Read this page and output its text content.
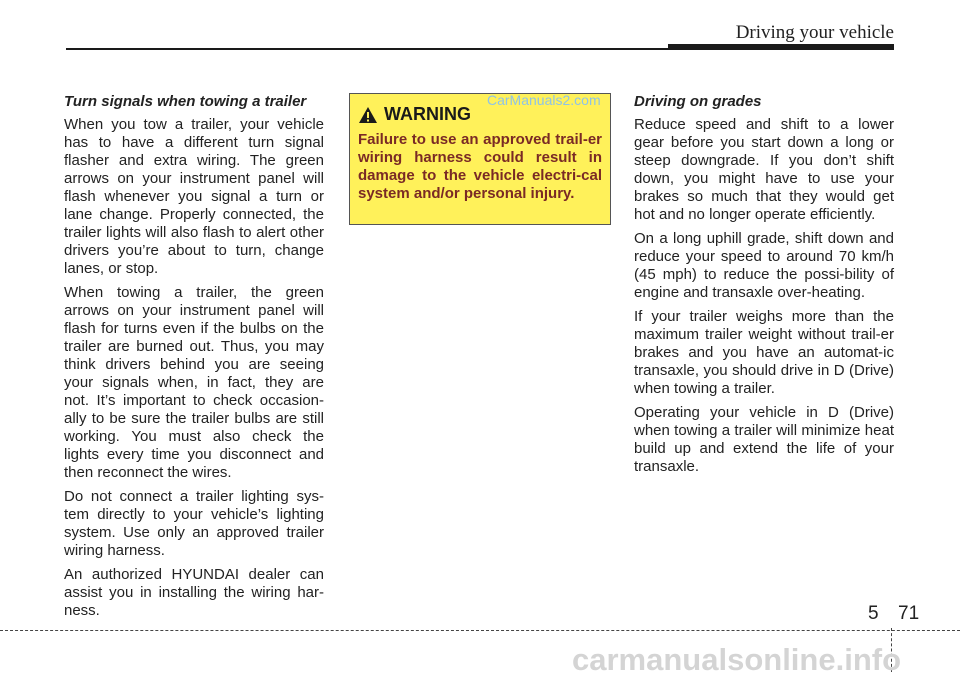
Driving your vehicle
Turn signals when towing a trailer

When you tow a trailer, your vehicle has to have a different turn signal flasher and extra wiring. The green arrows on your instrument panel will flash whenever you signal a turn or lane change. Properly connected, the trailer lights will also flash to alert other drivers you’re about to turn, change lanes, or stop.

When towing a trailer, the green arrows on your instrument panel will flash for turns even if the bulbs on the trailer are burned out. Thus, you may think drivers behind you are seeing your signals when, in fact, they are not. It’s important to check occasion-ally to be sure the trailer bulbs are still working. You must also check the lights every time you disconnect and then reconnect the wires.

Do not connect a trailer lighting sys-tem directly to your vehicle’s lighting system. Use only an approved trailer wiring harness.

An authorized HYUNDAI dealer can assist you in installing the wiring har-ness.

WARNING
Failure to use an approved trail-er wiring harness could result in damage to the vehicle electri-cal system and/or personal injury.
CarManuals2.com Driving on grades

Reduce speed and shift to a lower gear before you start down a long or steep downgrade. If you don’t shift down, you might have to use your brakes so much that they would get hot and no longer operate efficiently.

On a long uphill grade, shift down and reduce your speed to around 70 km/h (45 mph) to reduce the possi-bility of engine and transaxle over-heating.

If your trailer weighs more than the maximum trailer weight without trail-er brakes and you have an automat-ic transaxle, you should drive in D (Drive) when towing a trailer.

Operating your vehicle in D (Drive) when towing a trailer will minimize heat build up and extend the life of your transaxle.

5 71
carmanualsonline.info
